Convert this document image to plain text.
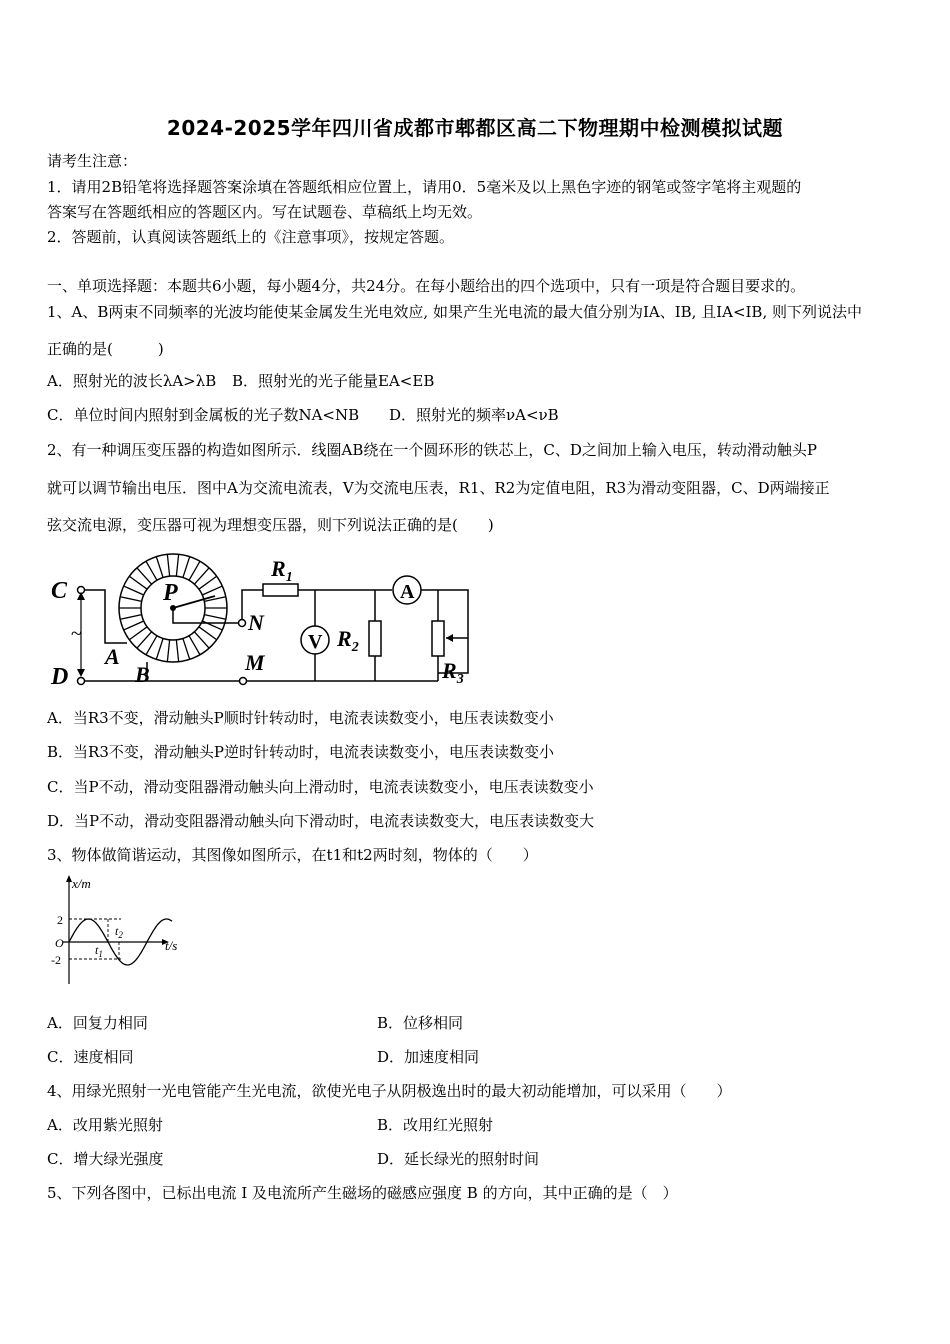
2024-2025学年四川省成都市郫都区高二下物理期中检测模拟试题
请考生注意：
1．请用2B铅笔将选择题答案涂填在答题纸相应位置上，请用0．5毫米及以上黑色字迹的钢笔或签字笔将主观题的
答案写在答题纸相应的答题区内。写在试题卷、草稿纸上均无效。
2．答题前，认真阅读答题纸上的《注意事项》，按规定答题。
一、单项选择题：本题共6小题，每小题4分，共24分。在每小题给出的四个选项中，只有一项是符合题目要求的。
1、A、B两束不同频率的光波均能使某金属发生光电效应, 如果产生光电流的最大值分别为IA、IB, 且IA<IB, 则下列说法中
正确的是(　　　)
A．照射光的波长λA>λB B．照射光的光子能量EA<EB
C．单位时间内照射到金属板的光子数NA<NB D．照射光的频率νA<νB
2、有一种调压变压器的构造如图所示．线圈AB绕在一个圆环形的铁芯上，C、D之间加上输入电压，转动滑动触头P
就可以调节输出电压．图中A为交流电流表，V为交流电压表，R1、R2为定值电阻，R3为滑动变阻器，C、D两端接正
弦交流电源，变压器可视为理想变压器，则下列说法正确的是(　　)
C
D
~
P
A
B
N
M
$R_1$
A
V $R_2$
$R_3$
A．当R3不变，滑动触头P顺时针转动时，电流表读数变小，电压表读数变小
B．当R3不变，滑动触头P逆时针转动时，电流表读数变小，电压表读数变小
C．当P不动，滑动变阻器滑动触头向上滑动时，电流表读数变小，电压表读数变小
D．当P不动，滑动变阻器滑动触头向下滑动时，电流表读数变大，电压表读数变大
3、物体做简谐运动，其图像如图所示，在t1和t2两时刻，物体的（　　）
x/m
t/s
O
2
-2
$t_1$
$t_2$
A．回复力相同	B．位移相同
C．速度相同	D．加速度相同
4、用绿光照射一光电管能产生光电流，欲使光电子从阴极逸出时的最大初动能增加，可以采用（　　）
A．改用紫光照射	B．改用红光照射
C．增大绿光强度	D．延长绿光的照射时间
5、下列各图中，已标出电流 I 及电流所产生磁场的磁感应强度 B 的方向，其中正确的是（　）
